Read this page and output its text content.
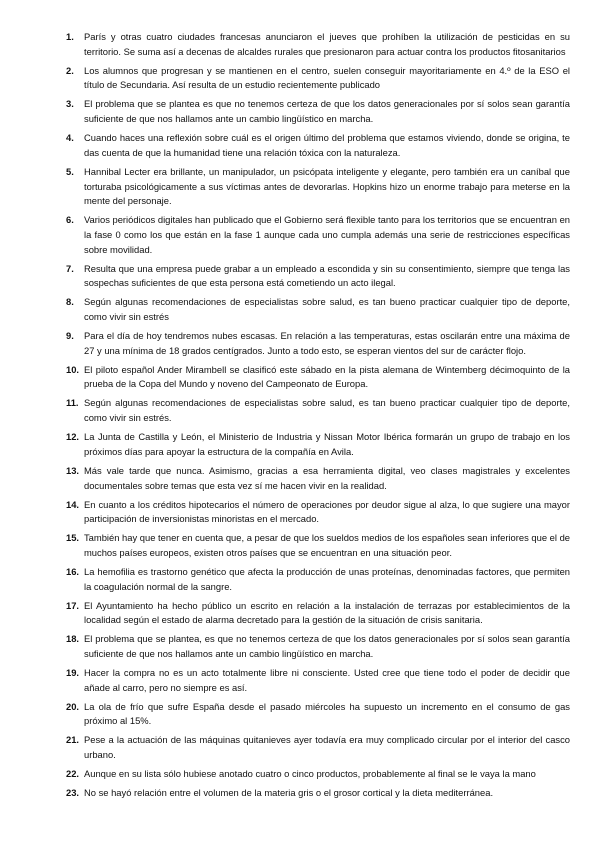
1. París y otras cuatro ciudades francesas anunciaron el jueves que prohíben la utilización de pesticidas en su territorio. Se suma así a decenas de alcaldes rurales que presionaron para actuar contra los productos fitosanitarios
2. Los alumnos que progresan y se mantienen en el centro, suelen conseguir mayoritariamente en 4.º de la ESO el título de Secundaria. Así resulta de un estudio recientemente publicado
3. El problema que se plantea es que no tenemos certeza de que los datos generacionales por sí solos sean garantía suficiente de que nos hallamos ante un cambio lingüístico en marcha.
4. Cuando haces una reflexión sobre cuál es el origen último del problema que estamos viviendo, donde se origina, te das cuenta de que la humanidad tiene una relación tóxica con la naturaleza.
5. Hannibal Lecter era brillante, un manipulador, un psicópata inteligente y elegante, pero también era un caníbal que torturaba psicológicamente a sus víctimas antes de devorarlas. Hopkins hizo un enorme trabajo para meterse en la mente del personaje.
6. Varios periódicos digitales han publicado que el Gobierno será flexible tanto para los territorios que se encuentran en la fase 0 como los que están en la fase 1 aunque cada uno cumpla además una serie de restricciones específicas sobre movilidad.
7. Resulta que una empresa puede grabar a un empleado a escondida y sin su consentimiento, siempre que tenga las sospechas suficientes de que esta persona está cometiendo un acto ilegal.
8. Según algunas recomendaciones de especialistas sobre salud, es tan bueno practicar cualquier tipo de deporte, como vivir sin estrés
9. Para el día de hoy tendremos nubes escasas. En relación a las temperaturas, estas oscilarán entre una máxima de 27 y una mínima de 18 grados centígrados. Junto a todo esto, se esperan vientos del sur de carácter flojo.
10. El piloto español Ander Mirambell se clasificó este sábado en la pista alemana de Wintemberg décimoquinto de la prueba de la Copa del Mundo y noveno del Campeonato de Europa.
11. Según algunas recomendaciones de especialistas sobre salud, es tan bueno practicar cualquier tipo de deporte, como vivir sin estrés.
12. La Junta de Castilla y León, el Ministerio de Industria y Nissan Motor Ibérica formarán un grupo de trabajo en los próximos días para apoyar la estructura de la compañía en Avila.
13. Más vale tarde que nunca. Asimismo, gracias a esa herramienta digital, veo clases magistrales y excelentes documentales sobre temas que esta vez sí me hacen vivir en la realidad.
14. En cuanto a los créditos hipotecarios el número de operaciones por deudor sigue al alza, lo que sugiere una mayor participación de inversionistas minoristas en el mercado.
15. También hay que tener en cuenta que, a pesar de que los sueldos medios de los españoles sean inferiores que el de muchos países europeos, existen otros países que se encuentran en una situación peor.
16. La hemofilia es trastorno genético que afecta la producción de unas proteínas, denominadas factores, que permiten la coagulación normal de la sangre.
17. El Ayuntamiento ha hecho público un escrito en relación a la instalación de terrazas por establecimientos de la localidad según el estado de alarma decretado para la gestión de la situación de crisis sanitaria.
18. El problema que se plantea, es que no tenemos certeza de que los datos generacionales por sí solos sean garantía suficiente de que nos hallamos ante un cambio lingüístico en marcha.
19. Hacer la compra no es un acto totalmente libre ni consciente. Usted cree que tiene todo el poder de decidir que añade al carro, pero no siempre es así.
20. La ola de frío que sufre España desde el pasado miércoles ha supuesto un incremento en el consumo de gas próximo al 15%.
21. Pese a la actuación de las máquinas quitanieves ayer todavía era muy complicado circular por el interior del casco urbano.
22. Aunque en su lista sólo hubiese anotado cuatro o cinco productos, probablemente al final se le vaya la mano
23. No se hayó relación entre el volumen de la materia gris o el grosor cortical y la dieta mediterránea.
